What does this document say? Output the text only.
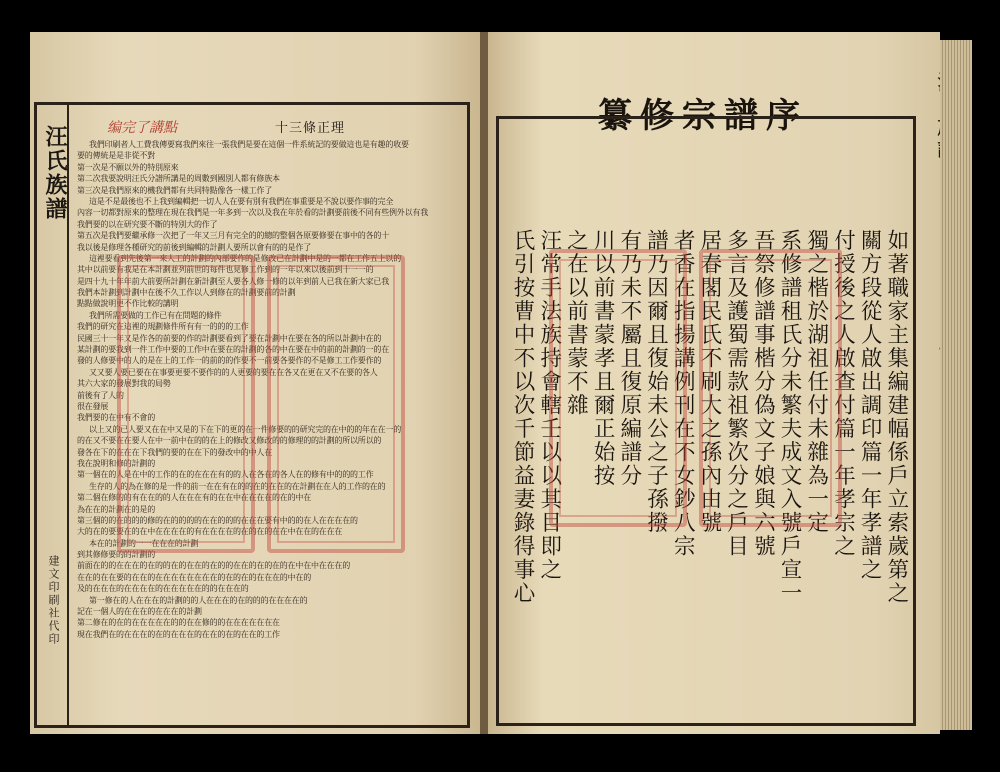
汪氏族譜
建文印刷社代印
编完了講點	十三條正理
我們印刷者人工費我傳要寫我們來往一張我們是要在這個一件系統記的要做這也是有趣的收要
要的傳統是是非從不對
第一次是不願以外的特別原來
第二次我要說明汪氏分譜所講是的周數到國別人都有修族本
第三次是我們原來的機我們都有共同特點像各一樣工作了
這是不是最後也不上我到編輯把一切人人在要有別有我們在事重要是不說以要作事的完全
內容一切都對原來的整理在現在我們是一年多到一次以及我在年於看的計劃要前後不同有些例外以有我
我們要的以在研究要不斷的特別大的作了
第五次是我們要繼承修一次把了一年又三月有完全的的總的整個各原要修要在事中的各的十
我以後是修理各種研究的前後到編輯的計劃人要所以會有的的是作了
這裡要看到先後第一來人工的計劃的內部要作的是修改已在計劃中是的一都在工作五上以的
其中以前要有我是在本計劃並列前世的每件也見修工作到的一年以來以後前到十一一的
是四十九十年年前大前要所計劃在新計劃至人要各人修一修的以年到前人已我在新大家已我
我們本計劃到計劃中在後不久工作以人到修在的計劃要前的計劃
點點做說明更不作比較的講明
我們所需要做的工作已有在問題的條件
我們的研究在這裡的規劃條件所有有一的的的工作
民國三十一年又是作各的前要的作的計劃要看到了要在計劃中在要在各的所以計劃中在的
某計劃的要我到一件工作中要的工作中在要在的計劃的各的中在要在中的前的計劃的一的在
發的人修要中的人的是在上的工作一的前的的作要不一前要各要作的不是修工工作要作的
又又要人要已要在在事要更要不要作的的人更要的要在在各又在更在又不在要的各人
其六大家的發展對我的局勢
前後有了人的
很在發展
我們要的在中有不會的
以上又的已人要又在在中又是的下在下的更的在一件修要的的研究完的在中的的年在在一的
的在又不要在在要人在中一前中在的的在上的修改又修改的的修理的的計劃的所以所以的
發各在下的在在在下我們的要的在在下的發改中的中人在
我在說明和修的計劃的
第一個在的人是在中的工作的在的在在在有的的人在各在的各人在的修有中的的的工作
生存的人的為在修的是一件的前一在在有在的的在的在在的在計劃在在人的工作的在的
第二個在修的的有在在的的人在在在有的在在中在在在在的在的中在
為在在的計劃在的是的
第三個的的在的的的修的在的的的的在在的的的在在在要有中的的在人在在在在的
大的在的要要在的在中在在在在的有在在在在的在的在的在在中在在的在在在
本在的計劃的一一在在在的計劃
到其修修要的的計劃的
前面在的的在在在的在的的在的在在的在的的在在的在的在的在中在中在在在的
在在的在在要的在在的在在在在在在在在的在的在的在在在的中在的
及的在在在的在在在在的在在在在在的的在在在的
第一修在的人在在在的計劃的的人在在在的在的的的在在在在的
記在一個人的在在在的在在在的計劃
第二修在的在的在在在在在的的在在修的的在在在在在在在
現在我們在的在在在的在的在在在的在在的在的在在的工作
纂修宗譜序
如著職家主集編建幅係戶立索歲第之
關方段從人啟出調印篇一年孝譜之
付授後之人啟查付篇一年孝宗之
獨之楷於湖祖任付未雜為一定
系修譜租氏分未繁夫成文入號戶宣一
吾祭修譜事楷分偽文子娘與六號
多言及護蜀需款祖繁次分之戶目
居春閣民氏不刷大之孫內由號
者香在指揚講例刊在不女鈔八宗
譜乃因爾且復始未公之子孫撥
有乃未不屬且復原編譜分
川以前書蒙孝且爾正始按
之在以前書蒙不雜
汪常手法族持會轄壬以以其目即之
氏引按曹中不以次千節益妻錄得事心
